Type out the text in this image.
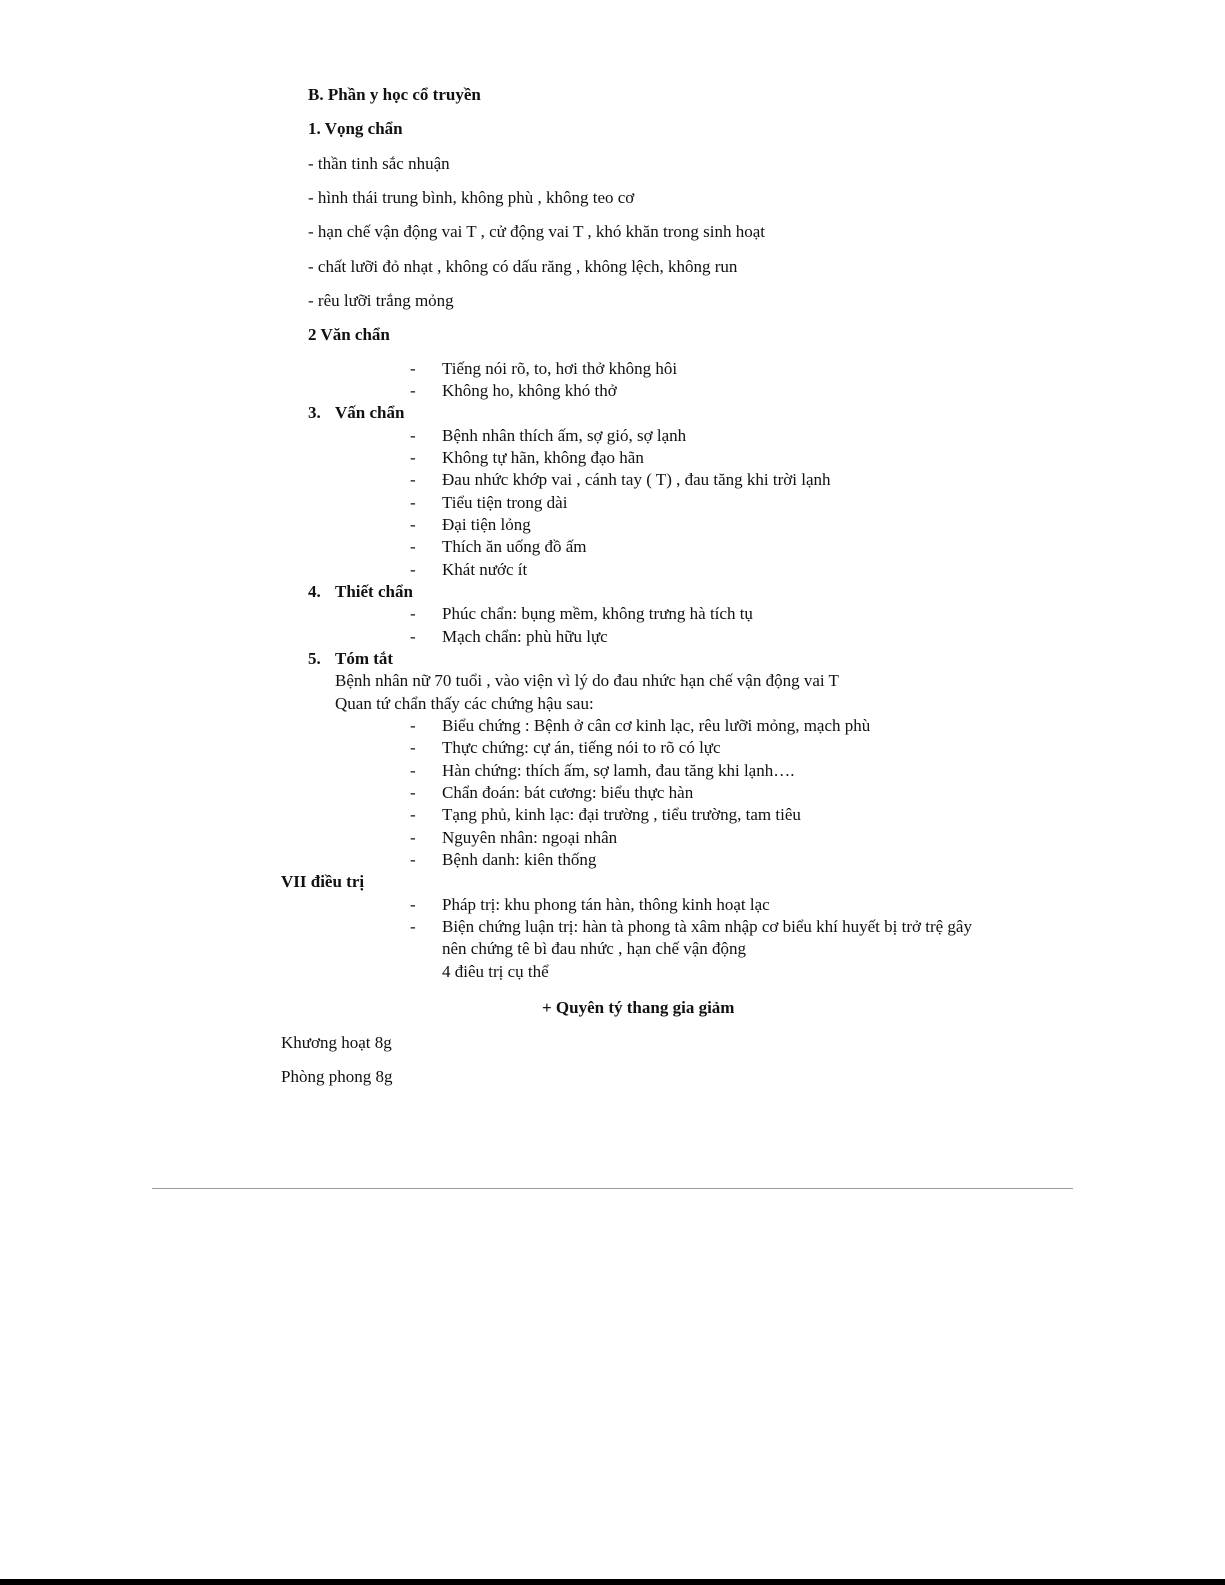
B. Phần y học cổ truyền
1. Vọng chẩn
- thần tinh sắc nhuận
- hình thái trung bình, không phù , không teo cơ
- hạn chế vận động vai T , cử động vai T , khó khăn trong sinh hoạt
- chất lưỡi đỏ nhạt , không có dấu răng , không lệch, không run
- rêu lưỡi trắng mỏng
2 Văn chẩn
- Tiếng nói rõ, to, hơi thở không hôi
- Không ho, không khó thở
3. Vấn chẩn
- Bệnh nhân thích ấm, sợ gió, sợ lạnh
- Không tự hãn, không đạo hãn
- Đau nhức khớp vai , cánh tay ( T) , đau tăng khi trời lạnh
- Tiểu tiện trong dài
- Đại tiện lỏng
- Thích ăn uống đồ ấm
- Khát nước ít
4. Thiết chẩn
- Phúc chẩn: bụng mềm, không trưng hà tích tụ
- Mạch chẩn: phù hữu lực
5. Tóm tắt
Bệnh nhân nữ 70 tuổi , vào viện vì lý do đau nhức hạn chế vận động vai T
Quan tứ chẩn thấy các chứng hậu sau:
- Biểu chứng : Bệnh ở cân cơ kinh lạc, rêu lưỡi mỏng, mạch phù
- Thực chứng: cự án, tiếng nói to rõ có lực
- Hàn chứng: thích ấm, sợ lamh, đau tăng khi lạnh….
- Chẩn đoán: bát cương: biểu thực hàn
- Tạng phủ, kinh lạc: đại trường , tiểu trường, tam tiêu
- Nguyên nhân: ngoại nhân
- Bệnh danh: kiên thống
VII điều trị
- Pháp trị: khu phong tán hàn, thông kinh hoạt lạc
- Biện chứng luận trị: hàn tà phong tà xâm nhập cơ biểu khí huyết bị trở trệ gây
nên chứng tê bì đau nhức , hạn chế vận động
4 điêu trị cụ thể
+ Quyên tý thang gia giảm
Khương hoạt 8g
Phòng phong 8g
